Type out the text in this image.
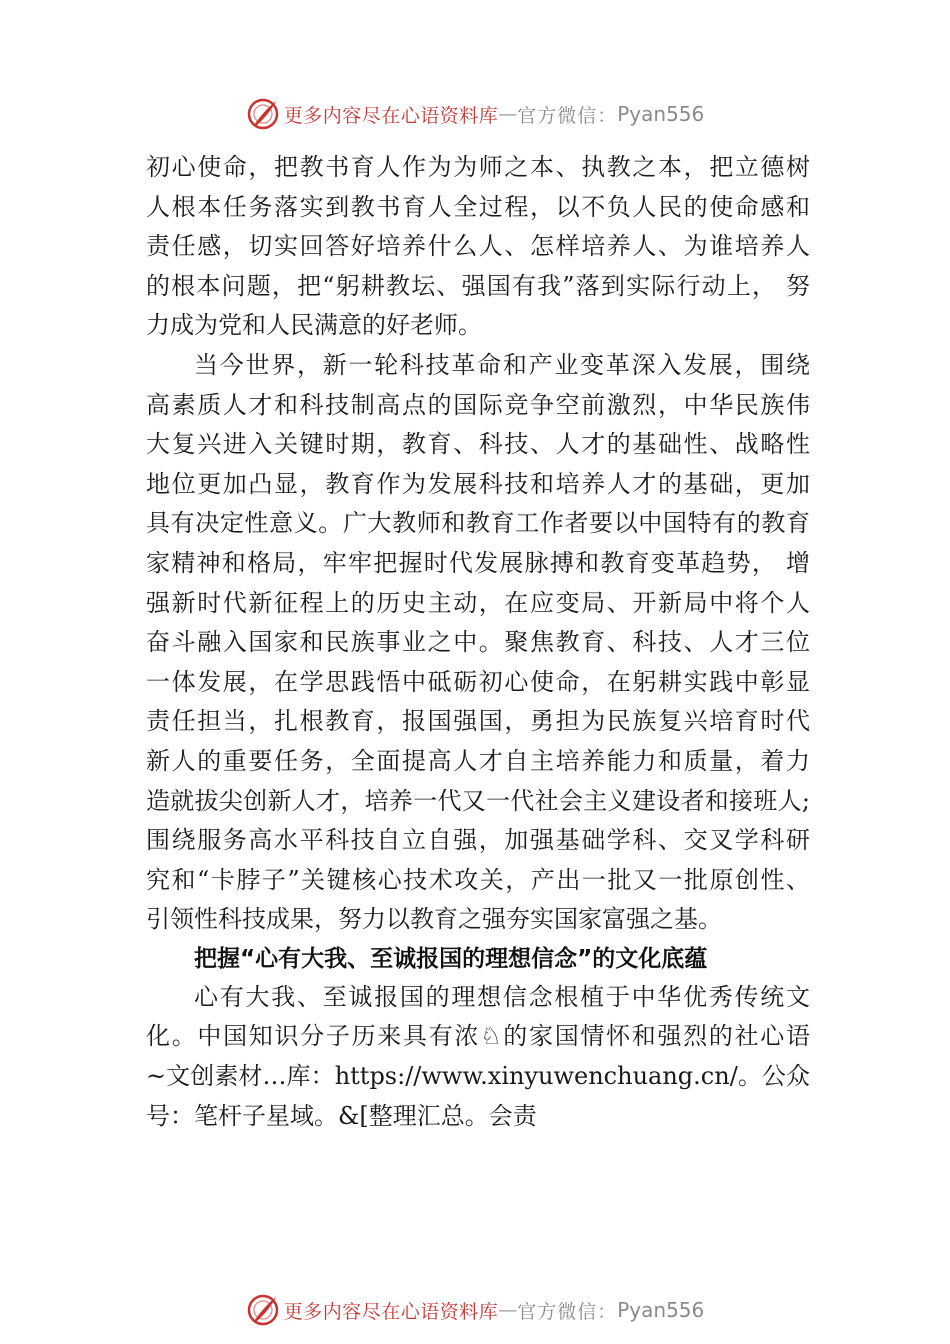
更多内容尽在心语资料库 — 官方微信： Pyan556
初心使命，把教书育人作为为师之本、执教之本，把立德树
人根本任务落实到教书育人全过程，以不负人民的使命感和
责任感，切实回答好培养什么人、怎样培养人、为谁培养人
的根本问题，把“躬耕教坛、强国有我”落到实际行动上， 努
力成为党和人民满意的好老师。
当今世界，新一轮科技革命和产业变革深入发展，围绕
高素质人才和科技制高点的国际竞争空前激烈，中华民族伟
大复兴进入关键时期，教育、科技、人才的基础性、战略性
地位更加凸显，教育作为发展科技和培养人才的基础，更加
具有决定性意义。广大教师和教育工作者要以中国特有的教育
家精神和格局，牢牢把握时代发展脉搏和教育变革趋势， 增
强新时代新征程上的历史主动，在应变局、开新局中将个人
奋斗融入国家和民族事业之中。聚焦教育、科技、人才三位
一体发展，在学思践悟中砥砺初心使命，在躬耕实践中彰显
责任担当，扎根教育，报国强国，勇担为民族复兴培育时代
新人的重要任务，全面提高人才自主培养能力和质量，着力
造就拔尖创新人才，培养一代又一代社会主义建设者和接班人;
围绕服务高水平科技自立自强，加强基础学科、交叉学科研
究和“卡脖子”关键核心技术攻关，产出一批又一批原创性、
引领性科技成果，努力以教育之强夯实国家富强之基。
把握“心有大我、至诚报国的理想信念”的文化底蕴
心有大我、至诚报国的理想信念根植于中华优秀传统文
化。中国知识分子历来具有浓♘的家国情怀和强烈的社心语
~文创素材…库：https://www.xinyuwenchuang.cn/。公众
号：笔杆子星域。&[整理汇总。会责
更多内容尽在心语资料库 — 官方微信： Pyan556
